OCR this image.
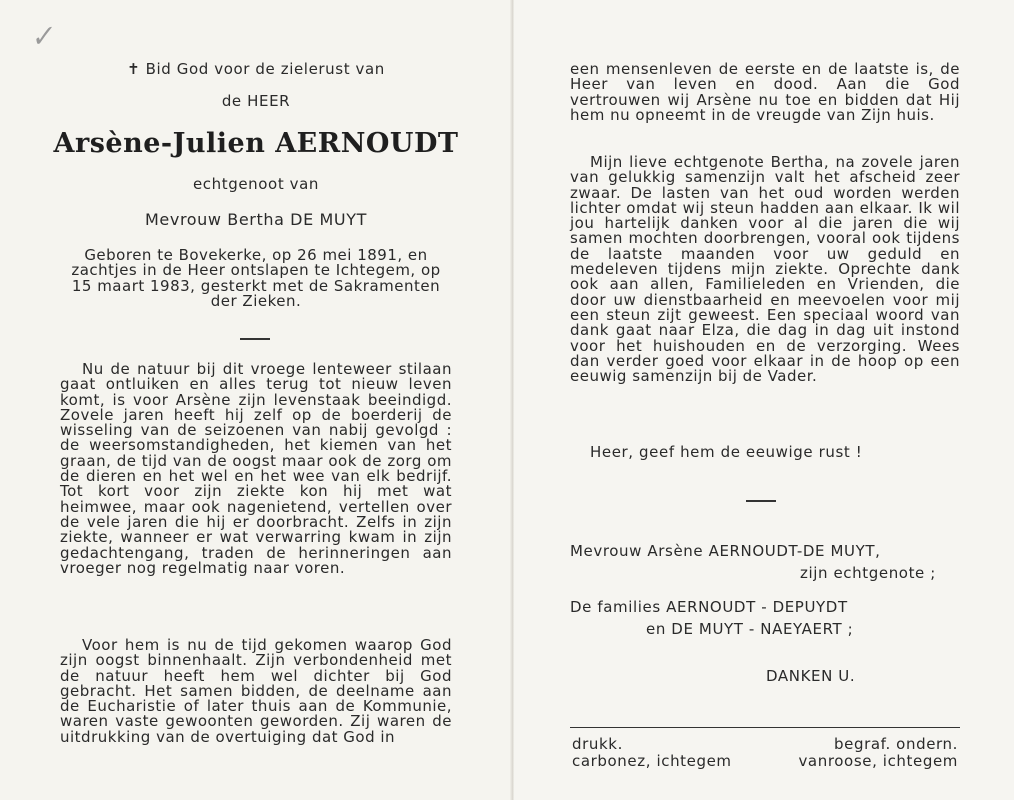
✓
✝ Bid God voor de zielerust van
de HEER
Arsène-Julien AERNOUDT
echtgenoot van
Mevrouw Bertha DE MUYT

Geboren te Bovekerke, op 26 mei 1891, en zachtjes in de Heer ontslapen te Ichtegem, op 15 maart 1983, gesterkt met de Sakramenten der Zieken.

Nu de natuur bij dit vroege lenteweer stilaan gaat ontluiken en alles terug tot nieuw leven komt, is voor Arsène zijn levenstaak beeindigd. Zovele jaren heeft hij zelf op de boerderij de wisseling van de seizoenen van nabij gevolgd : de weersomstandigheden, het kiemen van het graan, de tijd van de oogst maar ook de zorg om de dieren en het wel en het wee van elk bedrijf. Tot kort voor zijn ziekte kon hij met wat heimwee, maar ook nagenietend, vertellen over de vele jaren die hij er doorbracht. Zelfs in zijn ziekte, wanneer er wat verwarring kwam in zijn gedachtengang, traden de herinneringen aan vroeger nog regelmatig naar voren.

Voor hem is nu de tijd gekomen waarop God zijn oogst binnenhaalt. Zijn verbondenheid met de natuur heeft hem wel dichter bij God gebracht. Het samen bidden, de deelname aan de Eucharistie of later thuis aan de Kommunie, waren vaste gewoonten geworden. Zij waren de uitdrukking van de overtuiging dat God in

een mensenleven de eerste en de laatste is, de Heer van leven en dood. Aan die God vertrouwen wij Arsène nu toe en bidden dat Hij hem nu opneemt in de vreugde van Zijn huis.

Mijn lieve echtgenote Bertha, na zovele jaren van gelukkig samenzijn valt het afscheid zeer zwaar. De lasten van het oud worden werden lichter omdat wij steun hadden aan elkaar. Ik wil jou hartelijk danken voor al die jaren die wij samen mochten doorbrengen, vooral ook tijdens de laatste maanden voor uw geduld en medeleven tijdens mijn ziekte. Oprechte dank ook aan allen, Familieleden en Vrienden, die door uw dienstbaarheid en meevoelen voor mij een steun zijt geweest. Een speciaal woord van dank gaat naar Elza, die dag in dag uit instond voor het huishouden en de verzorging. Wees dan verder goed voor elkaar in de hoop op een eeuwig samenzijn bij de Vader.

Heer, geef hem de eeuwige rust !
Mevrouw Arsène AERNOUDT-DE MUYT,
zijn echtgenote ;
De families AERNOUDT - DEPUYDT
en DE MUYT - NAEYAERT ;
DANKEN U.
drukk.
carbonez, ichtegem
begraf. ondern.
vanroose, ichtegem
